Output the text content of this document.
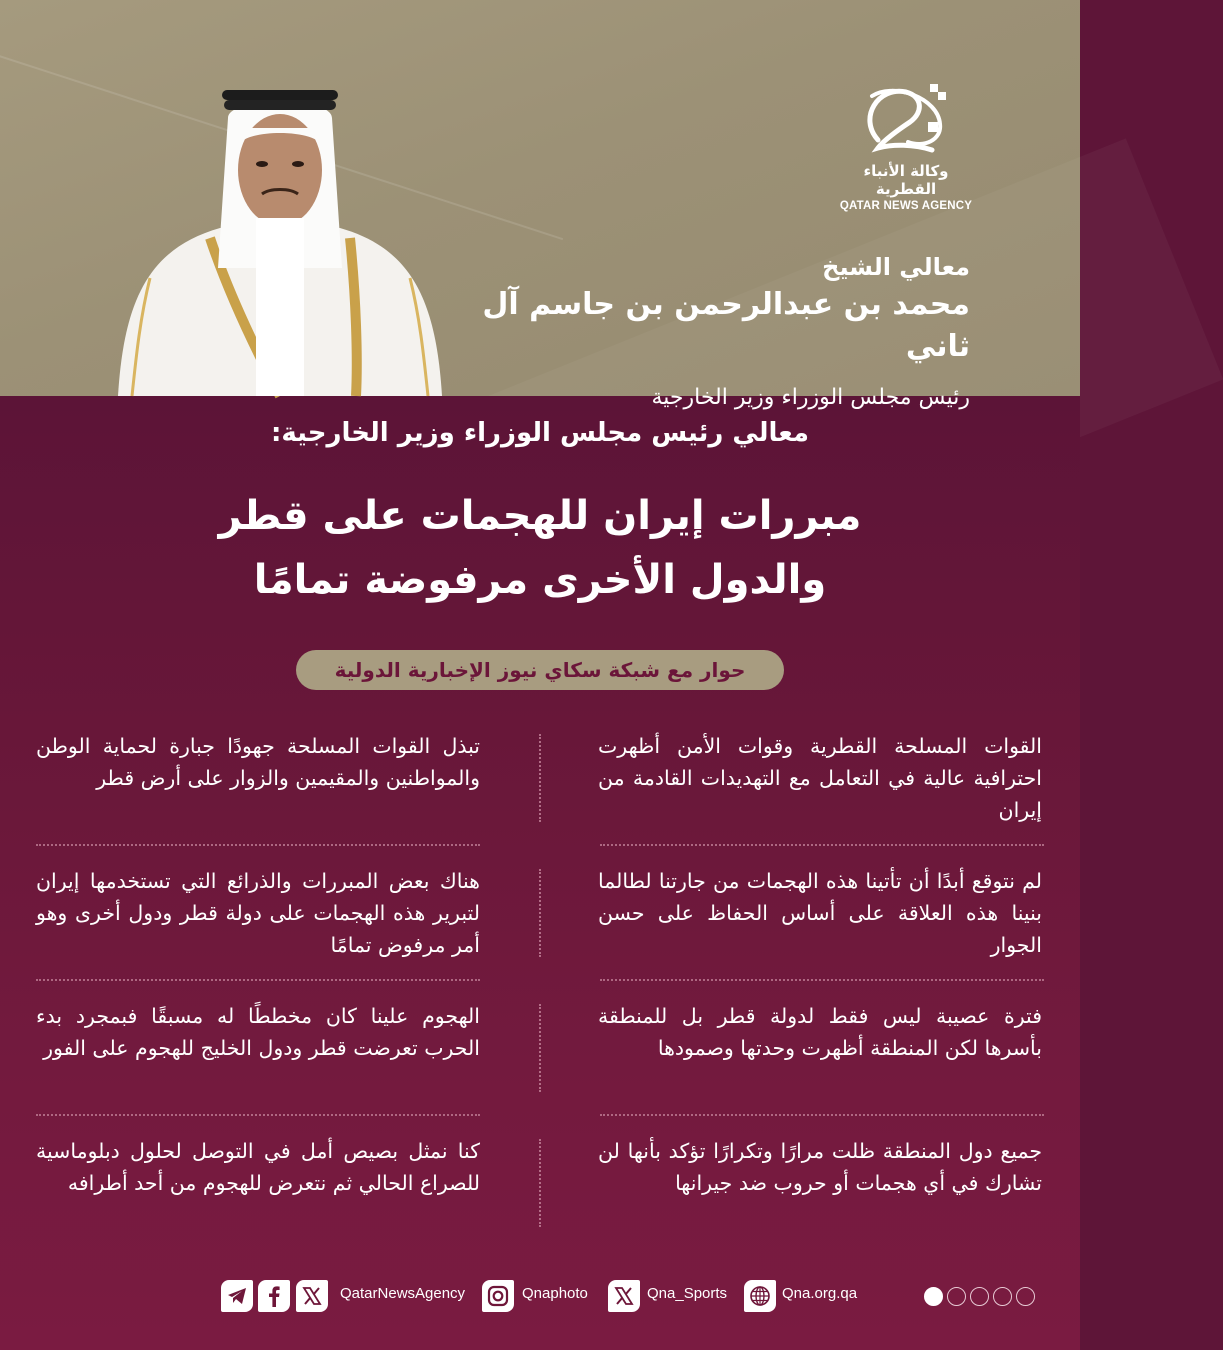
وكالة الأنباء القطرية
QATAR NEWS AGENCY
معالي الشيخ
محمد بن عبدالرحمن بن جاسم آل ثاني
رئيس مجلس الوزراء وزير الخارجية
معالي رئيس مجلس الوزراء وزير الخارجية:
مبررات إيران للهجمات على قطر
والدول الأخرى مرفوضة تمامًا
حوار مع شبكة سكاي نيوز الإخبارية الدولية
القوات المسلحة القطرية وقوات الأمن أظهرت احترافية عالية في التعامل مع التهديدات القادمة من إيران
تبذل القوات المسلحة جهودًا جبارة لحماية الوطن والمواطنين والمقيمين والزوار على أرض قطر
لم نتوقع أبدًا أن تأتينا هذه الهجمات من جارتنا لطالما بنينا هذه العلاقة على أساس الحفاظ على حسن الجوار
هناك بعض المبررات والذرائع التي تستخدمها إيران لتبرير هذه الهجمات على دولة قطر ودول أخرى وهو أمر مرفوض تمامًا
فترة عصيبة ليس فقط لدولة قطر بل للمنطقة بأسرها لكن المنطقة أظهرت وحدتها وصمودها
الهجوم علينا كان مخططًا له مسبقًا فبمجرد بدء الحرب تعرضت قطر ودول الخليج للهجوم على الفور
جميع دول المنطقة ظلت مرارًا وتكرارًا تؤكد بأنها لن تشارك في أي هجمات أو حروب ضد جيرانها
كنا نمثل بصيص أمل في التوصل لحلول دبلوماسية للصراع الحالي ثم نتعرض للهجوم من أحد أطرافه
QatarNewsAgency	Qnaphoto	Qna_Sports	Qna.org.qa
